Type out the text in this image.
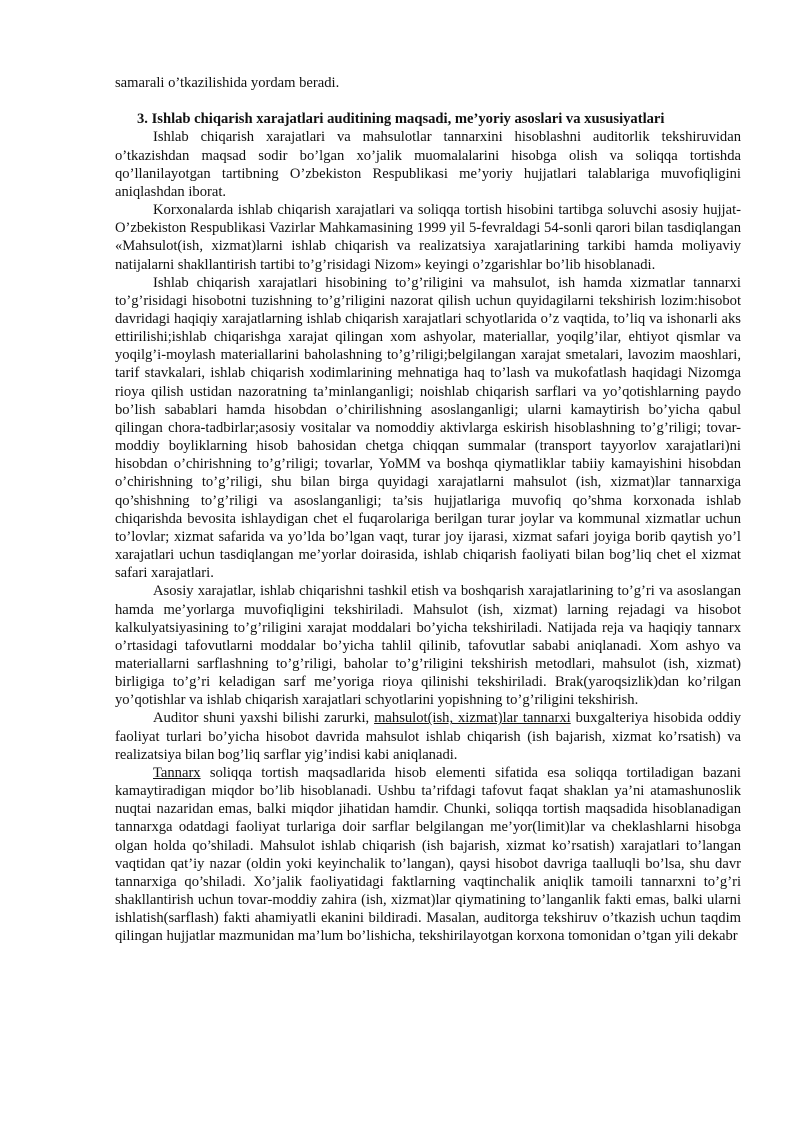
samarali o’tkazilishida yordam beradi.

3. Ishlab chiqarish xarajatlari auditining maqsadi, me’yoriy asoslari va xususiyatlari

Ishlab chiqarish xarajatlari va mahsulotlar tannarxini hisoblashni auditorlik tekshiruvidan o’tkazishdan maqsad sodir bo’lgan xo’jalik muomalalarini hisobga olish va soliqqa tortishda qo’llanilayotgan tartibning O’zbekiston Respublikasi me’yoriy hujjatlari talablariga muvofiqligini aniqlashdan iborat.

Korxonalarda ishlab chiqarish xarajatlari va soliqqa tortish hisobini tartibga soluvchi asosiy hujjat-O’zbekiston Respublikasi Vazirlar Mahkamasining 1999 yil 5-fevraldagi 54-sonli qarori bilan tasdiqlangan «Mahsulot(ish, xizmat)larni ishlab chiqarish va realizatsiya xarajatlarining tarkibi hamda moliyaviy natijalarni shakllantirish tartibi to’g’risidagi Nizom» keyingi o’zgarishlar bo’lib hisoblanadi.

Ishlab chiqarish xarajatlari hisobining to’g’riligini va mahsulot, ish hamda xizmatlar tannarxi to’g’risidagi hisobotni tuzishning to’g’riligini nazorat qilish uchun quyidagilarni tekshirish lozim:hisobot davridagi haqiqiy xarajatlarning ishlab chiqarish xarajatlari schyotlarida o’z vaqtida, to’liq va ishonarli aks ettirilishi;ishlab chiqarishga xarajat qilingan xom ashyolar, materiallar, yoqilg’ilar, ehtiyot qismlar va yoqilg’i-moylash materiallarini baholashning to’g’riligi;belgilangan xarajat smetalari, lavozim maoshlari, tarif stavkalari, ishlab chiqarish xodimlarining mehnatiga haq to’lash va mukofatlash haqidagi Nizomga rioya qilish ustidan nazoratning ta’minlanganligi; noishlab chiqarish sarflari va yo’qotishlarning paydo bo’lish sabablari hamda hisobdan o’chirilishning asoslanganligi; ularni kamaytirish bo’yicha qabul qilingan chora-tadbirlar;asosiy vositalar va nomoddiy aktivlarga eskirish hisoblashning to’g’riligi; tovar-moddiy boyliklarning hisob bahosidan chetga chiqqan summalar (transport tayyorlov xarajatlari)ni hisobdan o’chirishning to’g’riligi; tovarlar, YoMM va boshqa qiymatliklar tabiiy kamayishini hisobdan o’chirishning to’g’riligi, shu bilan birga quyidagi xarajatlarni mahsulot (ish, xizmat)lar tannarxiga qo’shishning to’g’riligi va asoslanganligi; ta’sis hujjatlariga muvofiq qo’shma korxonada ishlab chiqarishda bevosita ishlaydigan chet el fuqarolariga berilgan turar joylar va kommunal xizmatlar uchun to’lovlar; xizmat safarida va yo’lda bo’lgan vaqt, turar joy ijarasi, xizmat safari joyiga borib qaytish yo’l xarajatlari uchun tasdiqlangan me’yorlar doirasida, ishlab chiqarish faoliyati bilan bog’liq chet el xizmat safari xarajatlari.

Asosiy xarajatlar, ishlab chiqarishni tashkil etish va boshqarish xarajatlarining to’g’ri va asoslangan hamda me’yorlarga muvofiqligini tekshiriladi. Mahsulot (ish, xizmat) larning rejadagi va hisobot kalkulyatsiyasining to’g’riligini xarajat moddalari bo’yicha tekshiriladi. Natijada reja va haqiqiy tannarx o’rtasidagi tafovutlarni moddalar bo’yicha tahlil qilinib, tafovutlar sababi aniqlanadi. Xom ashyo va materiallarni sarflashning to’g’riligi, baholar to’g’riligini tekshirish metodlari, mahsulot (ish, xizmat) birligiga to’g’ri keladigan sarf me’yoriga rioya qilinishi tekshiriladi. Brak(yaroqsizlik)dan ko’rilgan yo’qotishlar va ishlab chiqarish xarajatlari schyotlarini yopishning to’g’riligini tekshirish.

Auditor shuni yaxshi bilishi zarurki, mahsulot(ish, xizmat)lar tannarxi buxgalteriya hisobida oddiy faoliyat turlari bo’yicha hisobot davrida mahsulot ishlab chiqarish (ish bajarish, xizmat ko’rsatish) va realizatsiya bilan bog’liq sarflar yig’indisi kabi aniqlanadi.

Tannarx soliqqa tortish maqsadlarida hisob elementi sifatida esa soliqqa tortiladigan bazani kamaytiradigan miqdor bo’lib hisoblanadi. Ushbu ta’rifdagi tafovut faqat shaklan ya’ni atamashunoslik nuqtai nazaridan emas, balki miqdor jihatidan hamdir. Chunki, soliqqa tortish maqsadida hisoblanadigan tannarxga odatdagi faoliyat turlariga doir sarflar belgilangan me’yor(limit)lar va cheklashlarni hisobga olgan holda qo’shiladi. Mahsulot ishlab chiqarish (ish bajarish, xizmat ko’rsatish) xarajatlari to’langan vaqtidan qat’iy nazar (oldin yoki keyinchalik to’langan), qaysi hisobot davriga taalluqli bo’lsa, shu davr tannarxiga qo’shiladi. Xo’jalik faoliyatidagi faktlarning vaqtinchalik aniqlik tamoili tannarxni to’g’ri shakllantirish uchun tovar-moddiy zahira (ish, xizmat)lar qiymatining to’langanlik fakti emas, balki ularni ishlatish(sarflash) fakti ahamiyatli ekanini bildiradi. Masalan, auditorga tekshiruv o’tkazish uchun taqdim qilingan hujjatlar mazmunidan ma’lum bo’lishicha, tekshirilayotgan korxona tomonidan o’tgan yili dekabr
